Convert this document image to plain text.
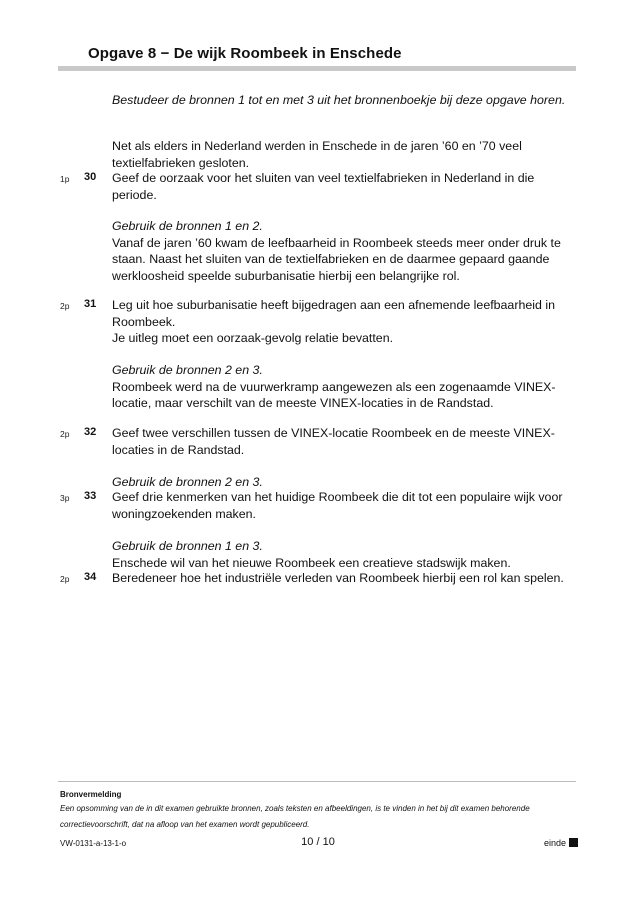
Opgave 8 − De wijk Roombeek in Enschede

Bestudeer de bronnen 1 tot en met 3 uit het bronnenboekje bij deze opgave horen.

Net als elders in Nederland werden in Enschede in de jaren ’60 en ’70 veel textielfabrieken gesloten.

1p 30 Geef de oorzaak voor het sluiten van veel textielfabrieken in Nederland in die periode.

Gebruik de bronnen 1 en 2.

Vanaf de jaren ’60 kwam de leefbaarheid in Roombeek steeds meer onder druk te staan. Naast het sluiten van de textielfabrieken en de daarmee gepaard gaande werkloosheid speelde suburbanisatie hierbij een belangrijke rol.

2p 31 Leg uit hoe suburbanisatie heeft bijgedragen aan een afnemende leefbaarheid in Roombeek.

Je uitleg moet een oorzaak-gevolg relatie bevatten.

Gebruik de bronnen 2 en 3.

Roombeek werd na de vuurwerkramp aangewezen als een zogenaamde VINEX-locatie, maar verschilt van de meeste VINEX-locaties in de Randstad.

2p 32 Geef twee verschillen tussen de VINEX-locatie Roombeek en de meeste VINEX-locaties in de Randstad.

Gebruik de bronnen 2 en 3.

3p 33 Geef drie kenmerken van het huidige Roombeek die dit tot een populaire wijk voor woningzoekenden maken.

Gebruik de bronnen 1 en 3.

Enschede wil van het nieuwe Roombeek een creatieve stadswijk maken.

2p 34 Beredeneer hoe het industriële verleden van Roombeek hierbij een rol kan spelen.

Bronvermelding
Een opsomming van de in dit examen gebruikte bronnen, zoals teksten en afbeeldingen, is te vinden in het bij dit examen behorende correctievoorschrift, dat na afloop van het examen wordt gepubliceerd.
VW-0131-a-13-1-o	10 / 10	einde
